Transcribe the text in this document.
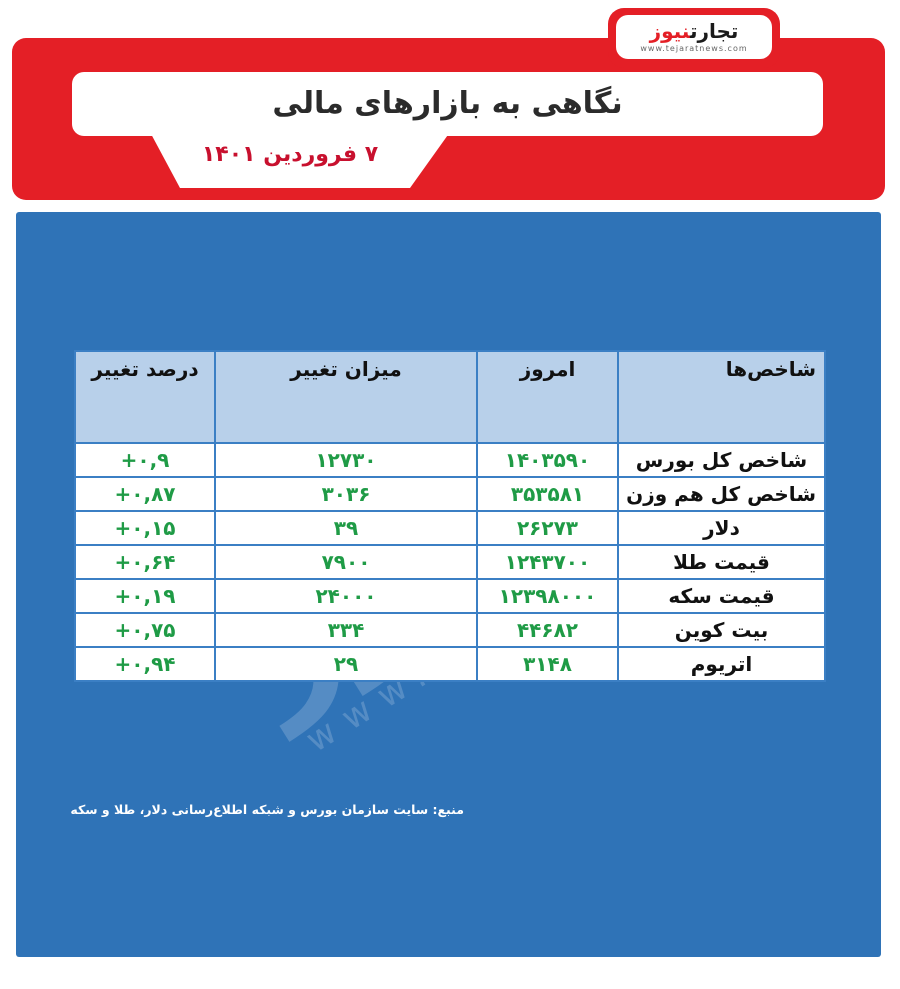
تجارتنیوز
www.tejaratnews.com
نگاهی به بازارهای مالی
۷ فروردین ۱۴۰۱
درصد تغییر	میزان تغییر	امروز	شاخص‌ها
+۰,۹	۱۲۷۳۰	۱۴۰۳۵۹۰	شاخص کل بورس
+۰,۸۷	۳۰۳۶	۳۵۳۵۸۱	شاخص کل هم وزن
+۰,۱۵	۳۹	۲۶۲۷۳	دلار
+۰,۶۴	۷۹۰۰	۱۲۴۳۷۰۰	قیمت طلا
+۰,۱۹	۲۴۰۰۰	۱۲۳۹۸۰۰۰	قیمت سکه
+۰,۷۵	۳۳۴	۴۴۶۸۲	بیت کوین
+۰,۹۴	۲۹	۳۱۴۸	اتریوم
منبع: سایت سازمان بورس و شبکه اطلاع‌رسانی دلار، طلا و سکه
